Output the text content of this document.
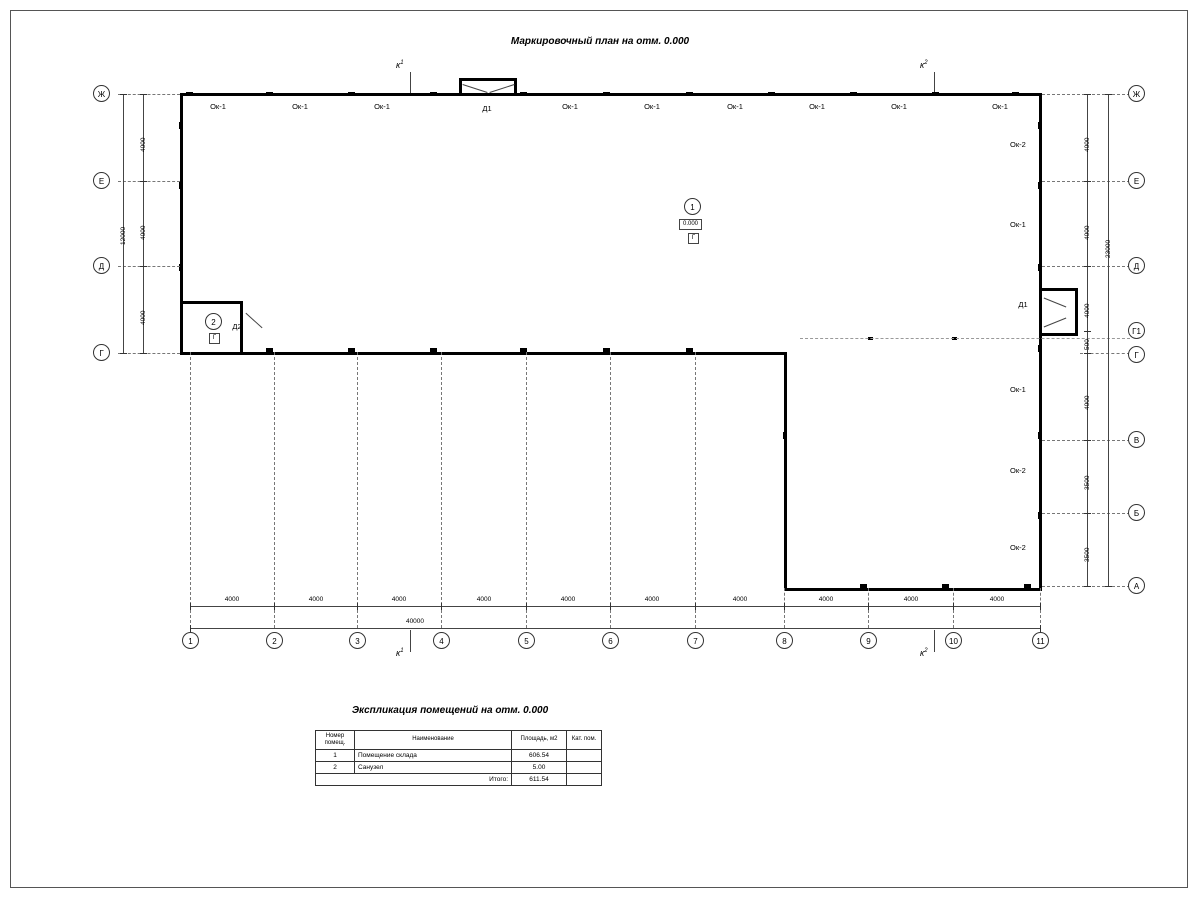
Маркировочный план на отм. 0.000
$к^1$	$к^2$
$к^1$	$к^2$
Ок-1	Ок-1	Ок-1	Ок-1	Ок-1	Ок-1	Ок-1	Ок-1	Ок-1
Д1
Д1
Д2
Ок-2
Ок-1
Ок-1
Ок-2
Ок-2
Ж
Е
Д
Г
Ж
Е
Д
Г1
Г
В
Б
А
1	2	3	4	5	6	7	8	9	10	11
4000	4000	4000	4000	4000	4000	4000	4000	4000	4000
40000
4000
4000
4000
12000
4000
4000
4000
500
4000
3500
3500
23000
1
0.000
Г
2
Г
Экспликация помещений на отм. 0.000
Номер помещ.	Наименование	Площадь, м2	Кат. пом.
1	Помещение склада	606.54	
2	Санузел	5.00	
Итого:		611.54	
